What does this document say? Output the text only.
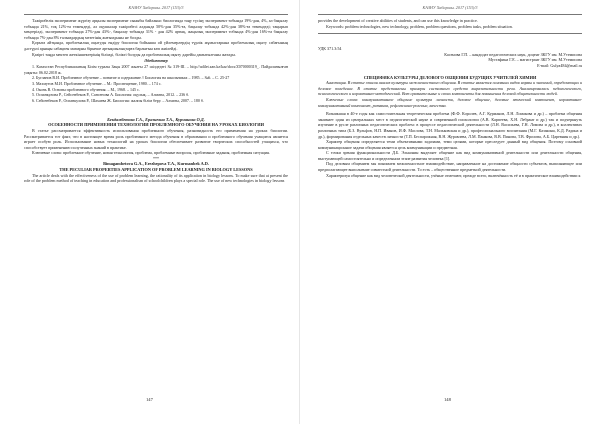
КАЗНУ Хабаршы. 2017 (153)/3

Тәжірибелік эксперимент жүргізу арқылы эксперимент сыныбы байланыс биологияда таңу түсінү эксперимент тобында 19%-дан, 4%, ал бақылау тобында 21%, тоқ 12%-ға төмендеді, ал оқушылар тәжірибесі алдында 50%-дан 35%-ға, бақылау тобында 42%-дан 38%-ға төмендеді; тақырып меңгерілді, эксперимент тобында 27%-дан 43%-, бақылау тобында 31% - дан 42% артық, жаңалық эксперимент тобында 4%-дан 16%-ға бақылау тобында 7%-дан 8% ғалымдардың мезетінің жағымдыны не болды.

Қорыта айтқанда, проблемалық оқытуды ендіру биология бойынша ой үйлемерлердің түрлік жұмыстарына проблемалық оқыту сабағының дәстүрлі арнаңы сабақпен мазмұны бірнеше артықшылықтарға барлығын көп жиілейді.

Қазіргі таңда мектеп жеткіншектерінің білімді, білікті болуды да проблемалық оқыту дәрейін дамытылғаны жатады.

Әдебиеттер
1. Казахстан Республикасының Білім туралы Заңы 2007 жылғы 27 шілдедегі № 319-III. – http://adilet.zan.kz/kaz/docs/Z070000319_. Пайдаланылған уақыты: 06.02.2018 ж.
2. Бугланов В.И. Проблемное обучение – понятие и содержание // Биология на школьниках – 1985. – №6. – С. 25-27
3. Махмутов М.И. Проблемное обучение. – М.: Просвещение, 1980. – 174 с.
4. Оконь В. Основы проблемного обучения. – М., 1968. – 145 с.
5. Оспанкулова Р., Сейсенбеков Р., Сансенова А. Биология: оқулық. – Алматы, 2012. – 236 б.
6. Сейсенбеков Р., Оспанкулова Р., Шахаева Ж. Биология: жалпы білім беру. – Алматы, 2007. – 180 б.
Бекдамбетова Г.А., Еразиевна Т.А., Курманова О.Д.
ОСОБЕННОСТИ ПРИМЕНЕНИЯ ТЕХНОЛОГИИ ПРОБЛЕМНОГО ОБУЧЕНИЯ НА УРОКАХ БИОЛОГИИ

В статье рассматривается эффективность использования проблемного обучения, разновидность его применения на уроках биологии. Рассматривается тот факт, что в настоящее время роль проблемного метода обучения в образовании и проблемного обучения учащиеся является играет особую роль. Использование новых технологий на уроках биологии обеспечивает развитие творческих способностей учащихся, что способствует применению полученных знаний в практике.

Ключевые слова: проблемное обучение, новая технология, проблема, проблемные вопросы, проблемные задания, проблемная ситуация.

***
Bimagambetova G.A., Erezhepova T.A., Kurmanbek A.D.
THE PECULIAR PROPERTIES APPLICATION OF PROBLEM LEARNING IN BIOLOGY LESSONS

The article deals with the effectiveness of the use of problem learning, the rationality of its application in biology lessons. To make sure that at present the role of the problem method of teaching in education and professionalism of schoolchildren plays a special role. The use of new technologies in biology lessons

147
КАЗНУ Хабаршы. 2017 (153)/3

provides the development of creative abilities of students, and can use this knowledge in practice.

Keywords: problem technologies, new technology, problem, problem questions, problem tasks, problem situation.

УДК 371.3:54
Касенова Г.П. – кандидат педагогических наук, доцент ЗКГУ им. М.Утемисова
Мустафина Г.Е. – магистрант ЗКГУ им. М.Утемисова
E-mail: Gulya484@mail.ru
СПЕЦИФИКА КУЛЬТУРЫ ДЕЛОВОГО ОБЩЕНИЯ БУДУЩИХ УЧИТЕЛЕЙ ХИМИИ

Аннотация. В статье описан анализ культуры межличностного общения. В статье является основных видов нормы и значений, определяющих и деловое поведение. В статье представлены примеры системного средств выразительности речи. Анализировалась педагогического, психологического и нормативно-методический. Вот сравнительные и своих компоненты для повышения деловой общительности людей.

Ключевые слова: коммуникативное общение культура личности, деловое общение, деловые этический компонент, нормативно-коммуникативный компонент, ритмика, рефлексивно-ролевые, качества.

Возникшая в 40-е годы как самостоятельная теоретическая проблема (Ф.Ф. Королев, А.Г. Курманов, Л.Н. Ломакова и др.) – проблема общения занимает один из центральных мест в педагогической науке и современной психологии (А.В. Карпеева, Х.Н. Лебрант и др.) так и подчеркнуть изучение в русле различных педагогических проблем: в процессе педагогической деятельности (Л.Н. Васильева, Г.Н. Ломова и др.), в коллективах различных типа (Б.З. Вульфов, Н.П. Иванов, И.Ф. Маслова, Т.Н. Мальковская и др.), профессионального воспитания (М.Г. Казакина, К.Д. Радина и др.), формирования отдельных качеств личности (Т.П. Беспарожная, В.Н. Журавлева, Л.М. Панкова, В.В. Пинова, Т.В. Фролова, А.Б. Царевнин и др.).

Характер общения определяется теми объективными задачами, теми целями, которые преследует данный вид общения. Поэтому основной коммуникационное задачи общения является цель коммуникации и предметная.

С точки зрения функциональности Д.Б. Эльконин выделяет общение как вид коммуникативной деятельности или деятельности общения, выступающей самостоятельно и определенном этапе развития человека [1].

Под деловым общением мы понимаем межличностное взаимодействие, направленное на достижение общности субъектов, выполняющее или предполагающее выполнение совместной деятельности. То есть – общественное предметной деятельности.

Характеризуя общение как вид человеческой деятельности, учёные отмечают, прежде всего, включённость её и в практическое взаимодействии к

148
